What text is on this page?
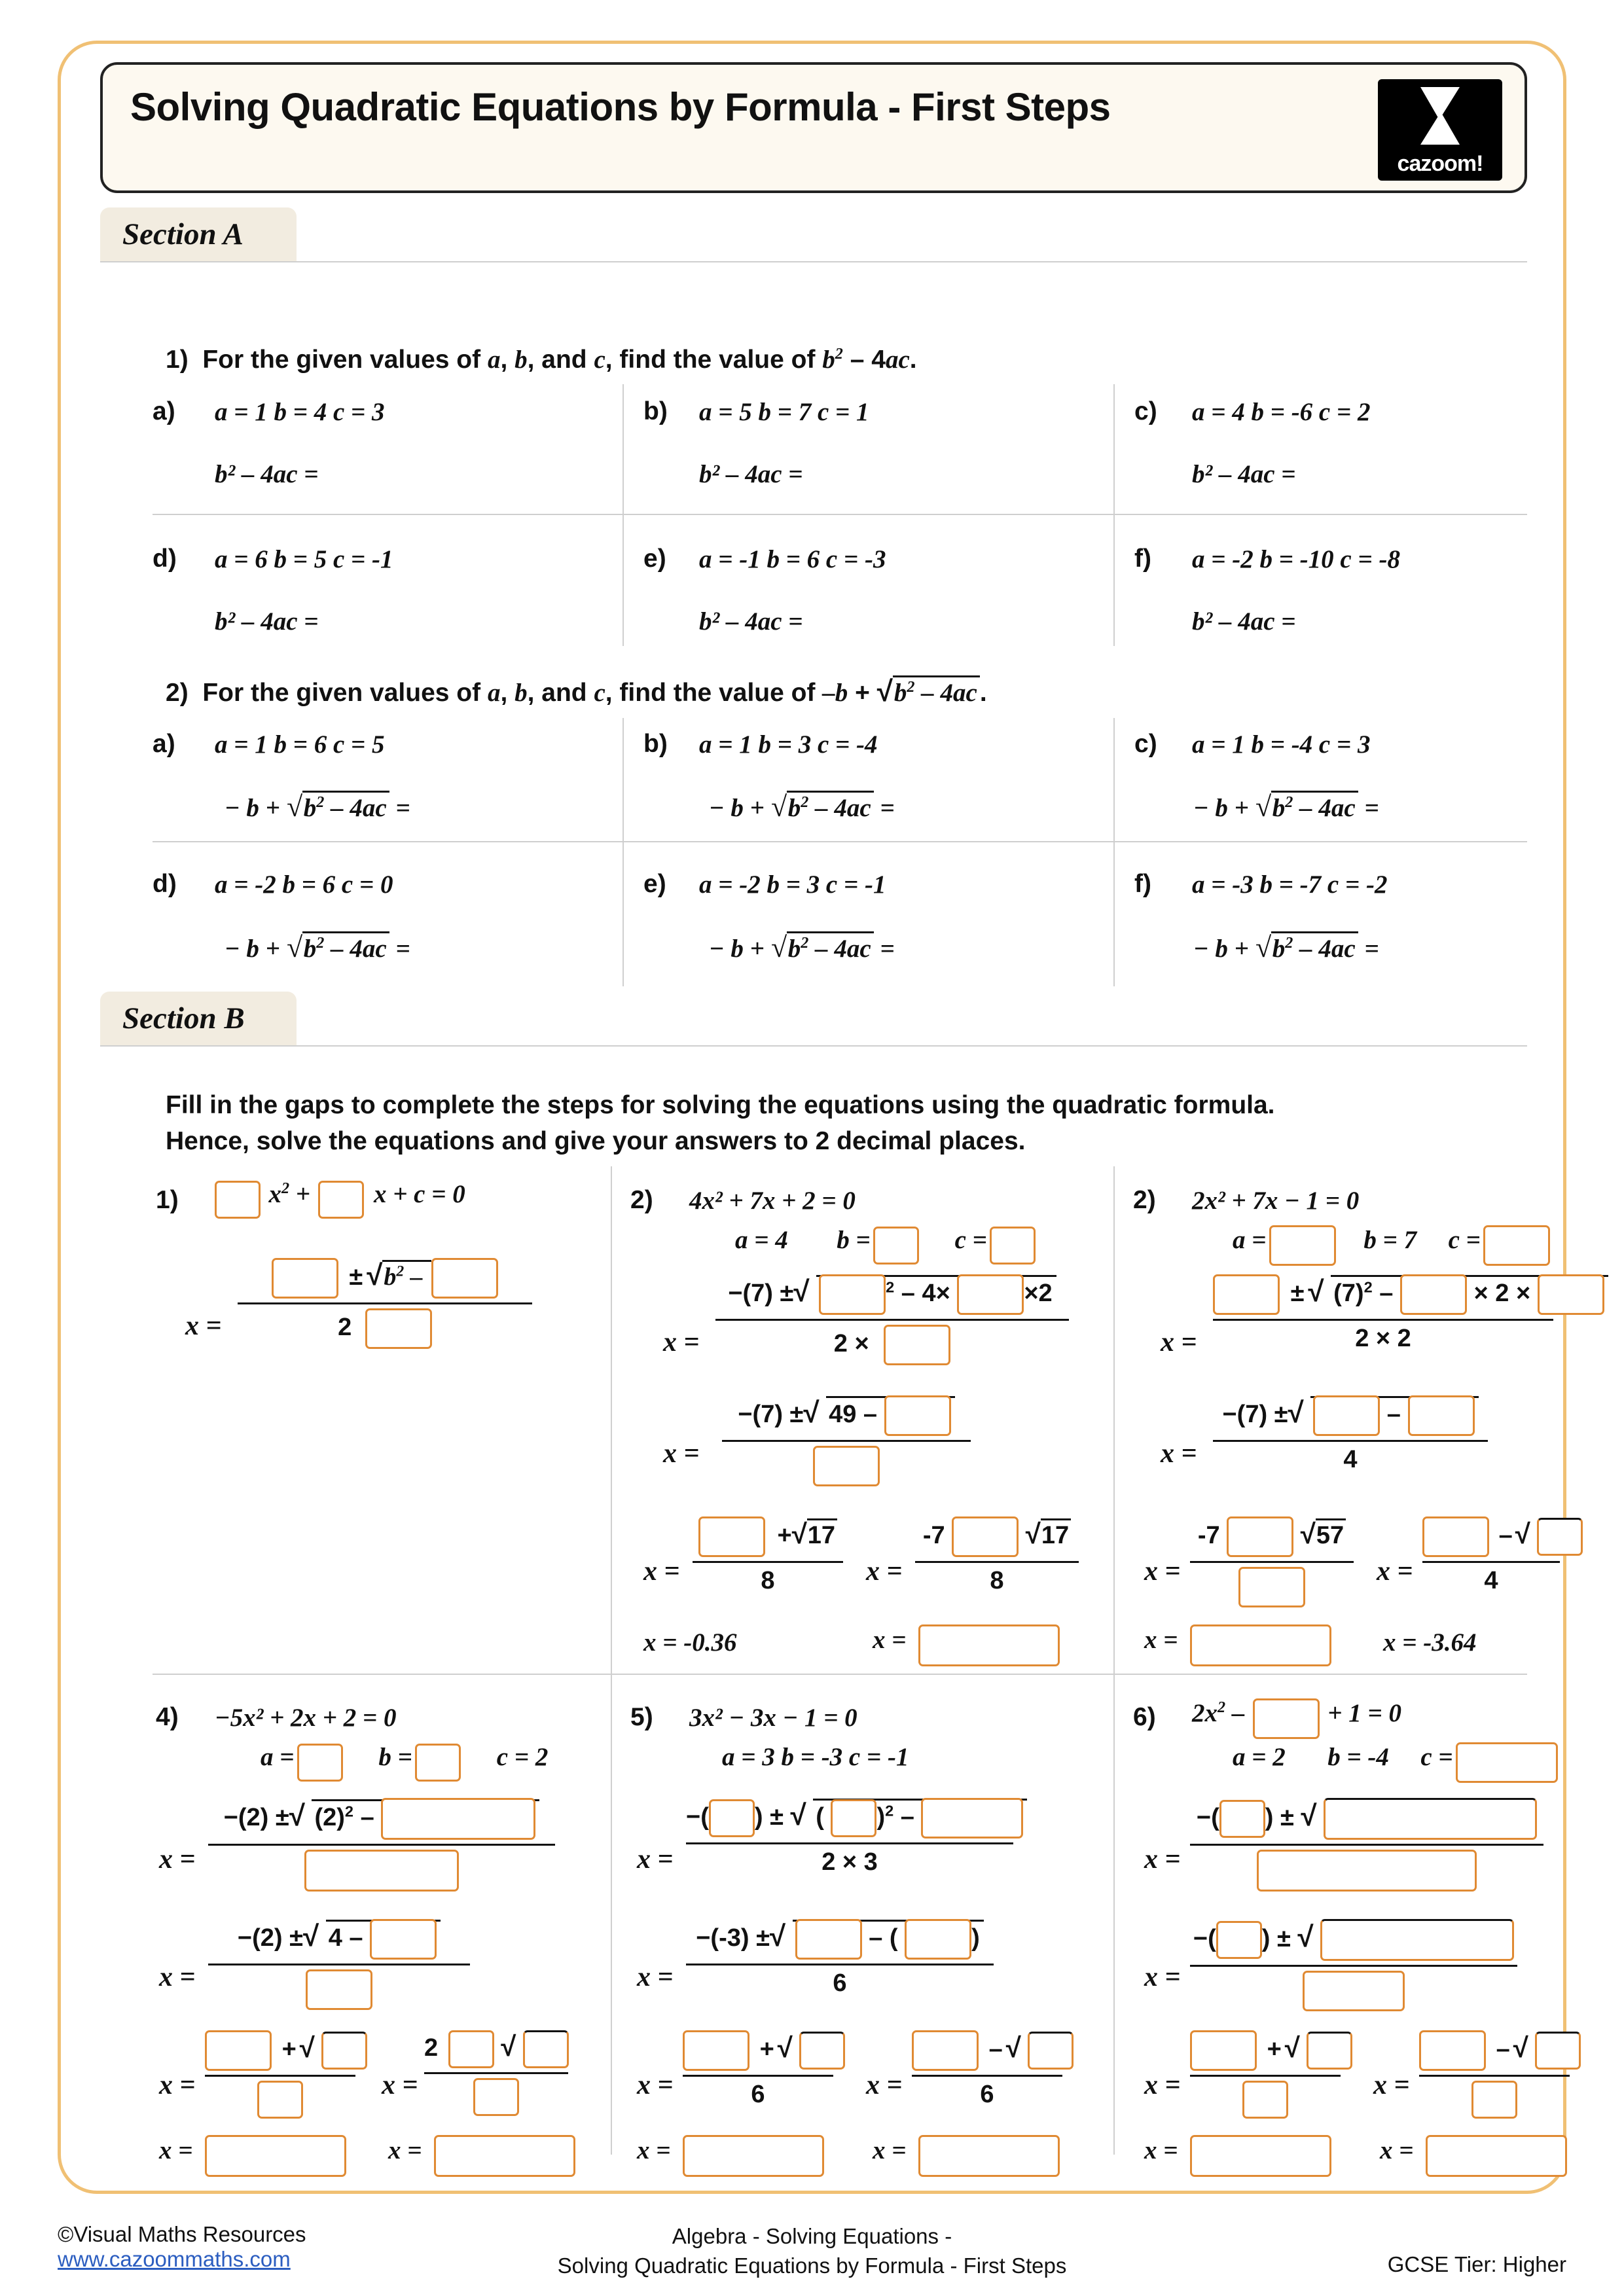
Solving Quadratic Equations by Formula - First Steps
cazoom!
Section A
1)  For the given values of a, b, and c, find the value of $b^2 - 4ac$.
a) a = 1 b = 4 c = 3
b² – 4ac =
b) a = 5 b = 7 c = 1
b² – 4ac =
c) a = 4 b = -6 c = 2
b² – 4ac =
d) a = 6 b = 5 c = -1
b² – 4ac =
e) a = -1 b = 6 c = -3
b² – 4ac =
f) a = -2 b = -10 c = -8
b² – 4ac =
2)  For the given values of a, b, and c, find the value of $-b + √b^2 - 4ac$ .
a) a = 1 b = 6 c = 5
− $b + √b^2 - 4ac$ =
b) a = 1 b = 3 c = -4
− $b + √b^2 - 4ac$ =
c) a = 1 b = -4 c = 3
− $b + √b^2 - 4ac$ =
d) a = -2 b = 6 c = 0
− $b + √b^2 - 4ac$ =
e) a = -2 b = 3 c = -1
− $b + √b^2 - 4ac$ =
f) a = -3 b = -7 c = -2
− $b + √b^2 - 4ac$ =
Section B
Fill in the gaps to complete the steps for solving the equations using the quadratic formula.
Hence, solve the equations and give your answers to 2 decimal places.
1)	$x^2 + x + c = 0$
x =
± $√b^2$ –
2
2) 4x² + 7x + 2 = 0
a = 4 b =	c =
x =
−(7) ±√	$^2$ – 4×	×2
2 ×
x =
−(7) ±√ 49 –
x =
+√17
8	x =
-7	√17
8
x = -0.36	x =
2) 2x² + 7x − 1 = 0
a =	b = 7 c =
x =
± √ $(7)^2$ –	× 2 ×
2 × 2
x =
−(7) ±√	–
4
x =
-7	√57
x =
–√
4
x =	x = -3.64
4) −5x² + 2x + 2 = 0
a =	b =	c = 2
x =
−(2) ±√ $(2)^2$ –
x =
−(2) ±√ 4 –
x =
+ √
x =
2 √
x =	x =
5) 3x² − 3x − 1 = 0
a = 3 b = -3 c = -1
x =
−( ) ± √ ( )$^2$ –
2 × 3
x =
−(-3) ±√	– (	)
6
x =
+ √
6	x =
– √
6
x =	x =
6) $2x^2$ –	+ 1 = 0
a = 2 b = -4 c =
x =
−( ) ± √
x =
−( ) ± √
x =
+ √
x =
– √
x =	x =
©Visual Maths Resources
www.cazoommaths.com
Algebra - Solving Equations -
Solving Quadratic Equations by Formula - First Steps	GCSE Tier: Higher
